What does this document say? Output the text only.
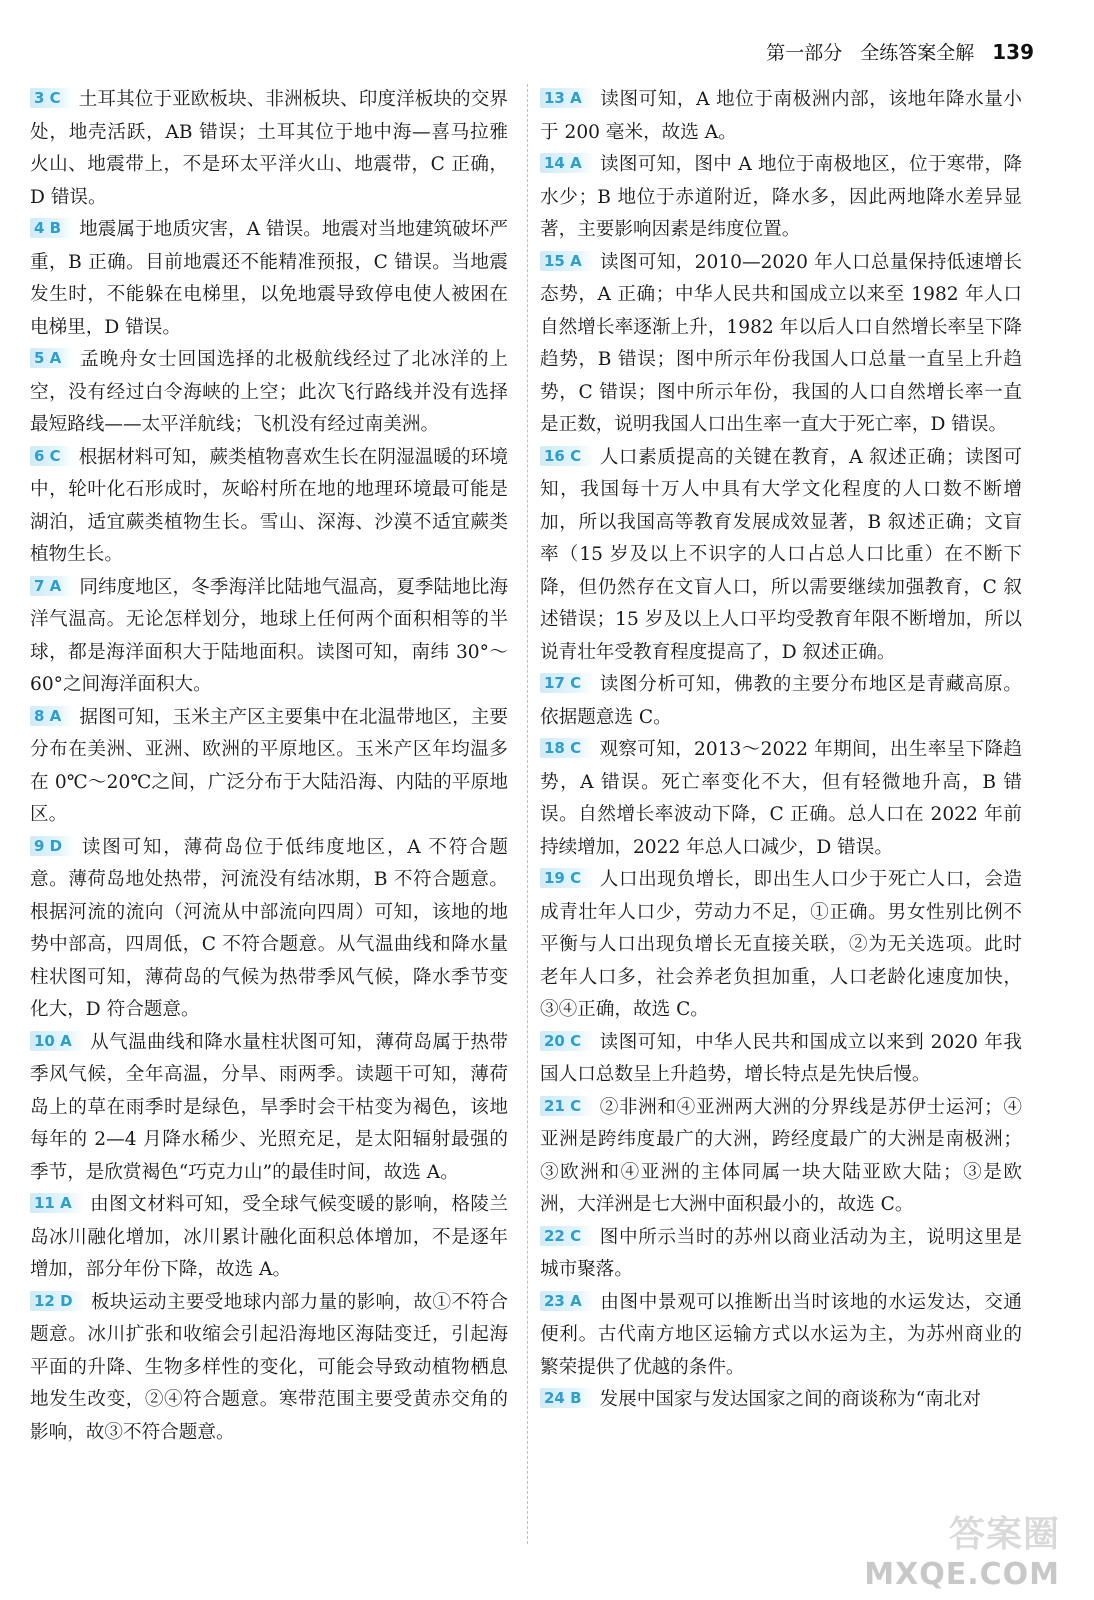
第一部分 全练答案全解 139
3 C 土耳其位于亚欧板块、非洲板块、印度洋板块的交界处，地壳活跃，AB 错误；土耳其位于地中海—喜马拉雅火山、地震带上，不是环太平洋火山、地震带，C 正确，D 错误。
4 B 地震属于地质灾害，A 错误。地震对当地建筑破坏严重，B 正确。目前地震还不能精准预报，C 错误。当地震发生时，不能躲在电梯里，以免地震导致停电使人被困在电梯里，D 错误。
5 A 孟晚舟女士回国选择的北极航线经过了北冰洋的上空，没有经过白令海峡的上空；此次飞行路线并没有选择最短路线——太平洋航线；飞机没有经过南美洲。
6 C 根据材料可知，蕨类植物喜欢生长在阴湿温暖的环境中，轮叶化石形成时，灰峪村所在地的地理环境最可能是湖泊，适宜蕨类植物生长。雪山、深海、沙漠不适宜蕨类植物生长。
7 A 同纬度地区，冬季海洋比陆地气温高，夏季陆地比海洋气温高。无论怎样划分，地球上任何两个面积相等的半球，都是海洋面积大于陆地面积。读图可知，南纬 30°～60°之间海洋面积大。
8 A 据图可知，玉米主产区主要集中在北温带地区，主要分布在美洲、亚洲、欧洲的平原地区。玉米产区年均温多在 0℃～20℃之间，广泛分布于大陆沿海、内陆的平原地区。
9 D 读图可知，薄荷岛位于低纬度地区，A 不符合题意。薄荷岛地处热带，河流没有结冰期，B 不符合题意。根据河流的流向（河流从中部流向四周）可知，该地的地势中部高，四周低，C 不符合题意。从气温曲线和降水量柱状图可知，薄荷岛的气候为热带季风气候，降水季节变化大，D 符合题意。
10 A 从气温曲线和降水量柱状图可知，薄荷岛属于热带季风气候，全年高温，分旱、雨两季。读题干可知，薄荷岛上的草在雨季时是绿色，旱季时会干枯变为褐色，该地每年的 2—4 月降水稀少、光照充足，是太阳辐射最强的季节，是欣赏褐色“巧克力山”的最佳时间，故选 A。
11 A 由图文材料可知，受全球气候变暖的影响，格陵兰岛冰川融化增加，冰川累计融化面积总体增加，不是逐年增加，部分年份下降，故选 A。
12 D 板块运动主要受地球内部力量的影响，故①不符合题意。冰川扩张和收缩会引起沿海地区海陆变迁，引起海平面的升降、生物多样性的变化，可能会导致动植物栖息地发生改变，②④符合题意。寒带范围主要受黄赤交角的影响，故③不符合题意。
13 A 读图可知，A 地位于南极洲内部，该地年降水量小于 200 毫米，故选 A。
14 A 读图可知，图中 A 地位于南极地区，位于寒带，降水少；B 地位于赤道附近，降水多，因此两地降水差异显著，主要影响因素是纬度位置。
15 A 读图可知，2010—2020 年人口总量保持低速增长态势，A 正确；中华人民共和国成立以来至 1982 年人口自然增长率逐渐上升，1982 年以后人口自然增长率呈下降趋势，B 错误；图中所示年份我国人口总量一直呈上升趋势，C 错误；图中所示年份，我国的人口自然增长率一直是正数，说明我国人口出生率一直大于死亡率，D 错误。
16 C 人口素质提高的关键在教育，A 叙述正确；读图可知，我国每十万人中具有大学文化程度的人口数不断增加，所以我国高等教育发展成效显著，B 叙述正确；文盲率（15 岁及以上不识字的人口占总人口比重）在不断下降，但仍然存在文盲人口，所以需要继续加强教育，C 叙述错误；15 岁及以上人口平均受教育年限不断增加，所以说青壮年受教育程度提高了，D 叙述正确。
17 C 读图分析可知，佛教的主要分布地区是青藏高原。依据题意选 C。
18 C 观察可知，2013～2022 年期间，出生率呈下降趋势，A 错误。死亡率变化不大，但有轻微地升高，B 错误。自然增长率波动下降，C 正确。总人口在 2022 年前持续增加，2022 年总人口减少，D 错误。
19 C 人口出现负增长，即出生人口少于死亡人口，会造成青壮年人口少，劳动力不足，①正确。男女性别比例不平衡与人口出现负增长无直接关联，②为无关选项。此时老年人口多，社会养老负担加重，人口老龄化速度加快，③④正确，故选 C。
20 C 读图可知，中华人民共和国成立以来到 2020 年我国人口总数呈上升趋势，增长特点是先快后慢。
21 C ②非洲和④亚洲两大洲的分界线是苏伊士运河；④亚洲是跨纬度最广的大洲，跨经度最广的大洲是南极洲；③欧洲和④亚洲的主体同属一块大陆亚欧大陆；③是欧洲，大洋洲是七大洲中面积最小的，故选 C。
22 C 图中所示当时的苏州以商业活动为主，说明这里是城市聚落。
23 A 由图中景观可以推断出当时该地的水运发达，交通便利。古代南方地区运输方式以水运为主，为苏州商业的繁荣提供了优越的条件。
24 B 发展中国家与发达国家之间的商谈称为“南北对
答案圈
MXQE.COM
